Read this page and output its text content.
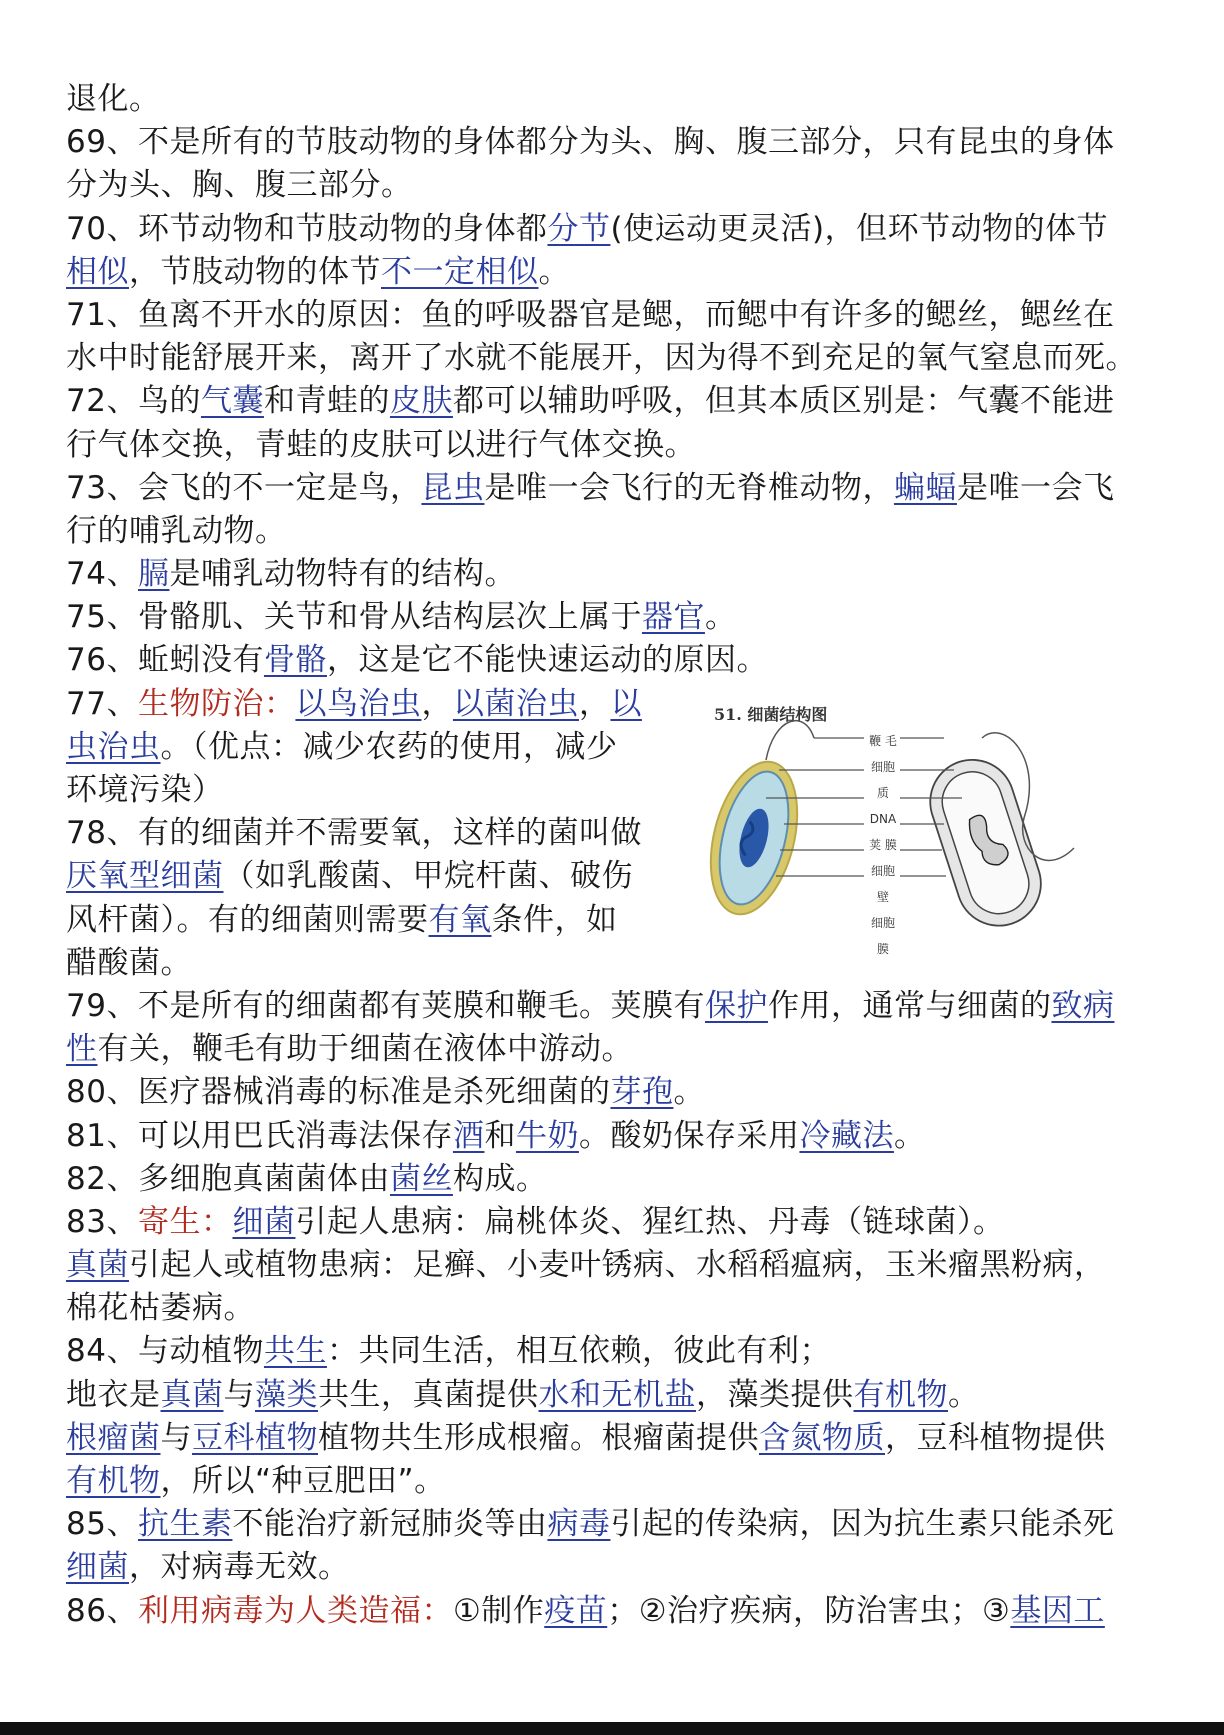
退化。
69、不是所有的节肢动物的身体都分为头、胸、腹三部分，只有昆虫的身体
分为头、胸、腹三部分。
70、环节动物和节肢动物的身体都分节(使运动更灵活)，但环节动物的体节
相似，节肢动物的体节不一定相似。
71、鱼离不开水的原因：鱼的呼吸器官是鳃，而鳃中有许多的鳃丝，鳃丝在
水中时能舒展开来，离开了水就不能展开，因为得不到充足的氧气窒息而死。
72、鸟的气囊和青蛙的皮肤都可以辅助呼吸，但其本质区别是：气囊不能进
行气体交换，青蛙的皮肤可以进行气体交换。
73、会飞的不一定是鸟，昆虫是唯一会飞行的无脊椎动物，蝙蝠是唯一会飞
行的哺乳动物。
74、膈是哺乳动物特有的结构。
75、骨骼肌、关节和骨从结构层次上属于器官。
76、蚯蚓没有骨骼，这是它不能快速运动的原因。
77、生物防治：以鸟治虫，以菌治虫，以
虫治虫。（优点：减少农药的使用，减少
环境污染）
78、有的细菌并不需要氧，这样的菌叫做
厌氧型细菌（如乳酸菌、甲烷杆菌、破伤
风杆菌）。有的细菌则需要有氧条件，如
醋酸菌。
79、不是所有的细菌都有荚膜和鞭毛。荚膜有保护作用，通常与细菌的致病
性有关，鞭毛有助于细菌在液体中游动。
80、医疗器械消毒的标准是杀死细菌的芽孢。
81、可以用巴氏消毒法保存酒和牛奶。酸奶保存采用冷藏法。
82、多细胞真菌菌体由菌丝构成。
83、寄生：细菌引起人患病：扁桃体炎、猩红热、丹毒（链球菌）。
真菌引起人或植物患病：足癣、小麦叶锈病、水稻稻瘟病，玉米瘤黑粉病，
棉花枯萎病。
84、与动植物共生：共同生活，相互依赖，彼此有利；
地衣是真菌与藻类共生，真菌提供水和无机盐，藻类提供有机物。
根瘤菌与豆科植物植物共生形成根瘤。根瘤菌提供含氮物质，豆科植物提供
有机物，所以“种豆肥田”。
85、抗生素不能治疗新冠肺炎等由病毒引起的传染病，因为抗生素只能杀死
细菌，对病毒无效。
86、利用病毒为人类造福：①制作疫苗；②治疗疾病，防治害虫；③基因工
51. 细菌结构图
鞭 毛
细胞质
DNA
荚 膜
细胞壁
细胞膜
